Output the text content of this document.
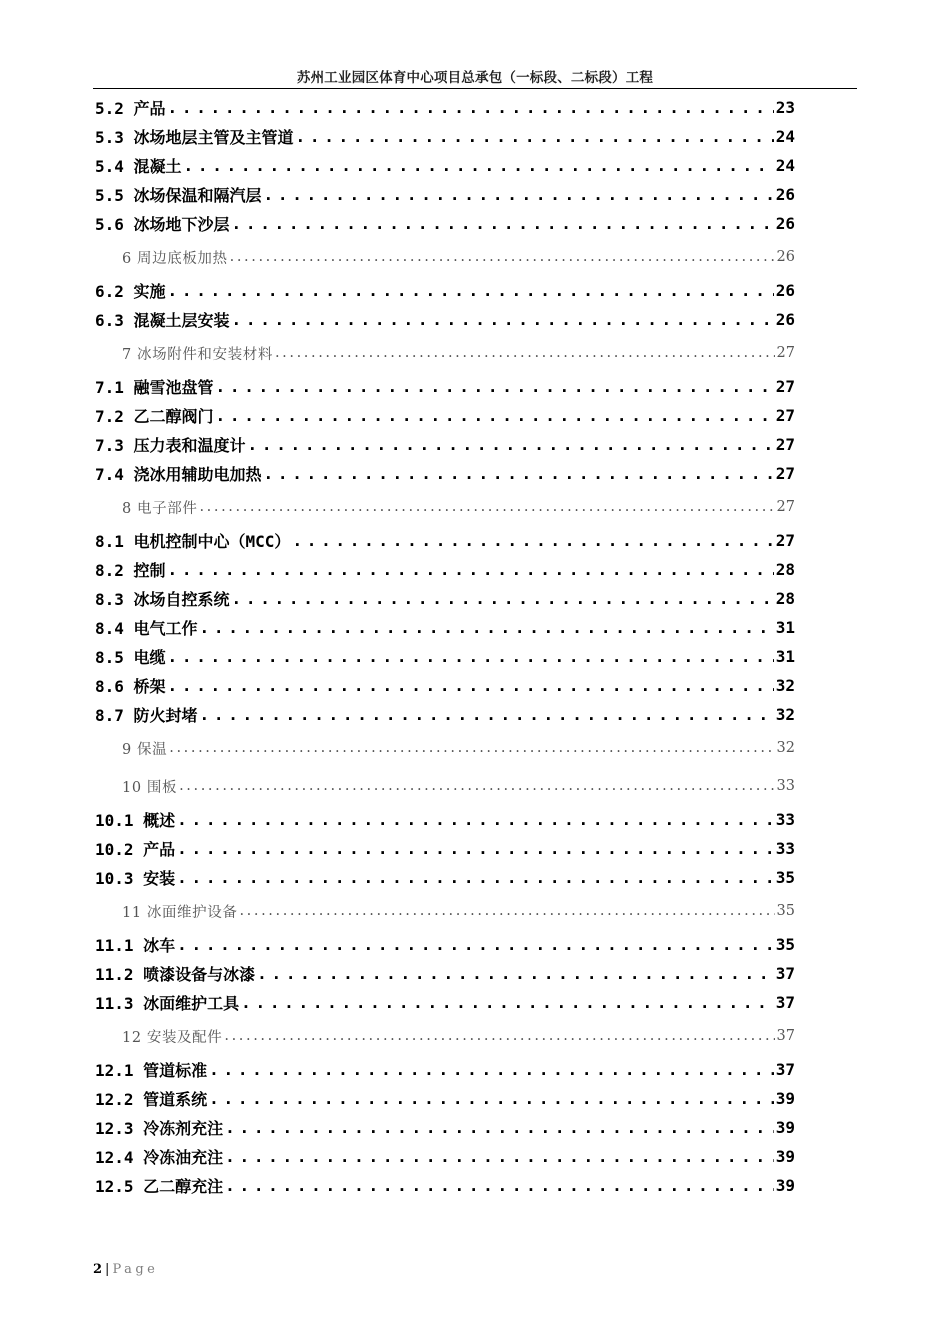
苏州工业园区体育中心项目总承包（一标段、二标段）工程
5.2 产品 .....	23
5.3 冰场地层主管及主管道 .....	24
5.4 混凝土 .....	24
5.5 冰场保温和隔汽层 .....	26
5.6 冰场地下沙层 .....	26
6 周边底板加热 .....	26
6.2 实施 .....	26
6.3 混凝土层安装 .....	26
7 冰场附件和安装材料 .....	27
7.1 融雪池盘管 .....	27
7.2 乙二醇阀门 .....	27
7.3 压力表和温度计 .....	27
7.4 浇冰用辅助电加热 .....	27
8 电子部件 .....	27
8.1 电机控制中心（MCC） .....	27
8.2 控制 .....	28
8.3 冰场自控系统 .....	28
8.4 电气工作 .....	31
8.5 电缆 .....	31
8.6 桥架 .....	32
8.7 防火封堵 .....	32
9 保温 .....	32
10 围板 .....	33
10.1 概述 .....	33
10.2 产品 .....	33
10.3 安装 .....	35
11 冰面维护设备 .....	35
11.1 冰车 .....	35
11.2 喷漆设备与冰漆 .....	37
11.3 冰面维护工具 .....	37
12 安装及配件 .....	37
12.1 管道标准 .....	37
12.2 管道系统 .....	39
12.3 冷冻剂充注 .....	39
12.4 冷冻油充注 .....	39
12.5 乙二醇充注 .....	39
2 | Page
